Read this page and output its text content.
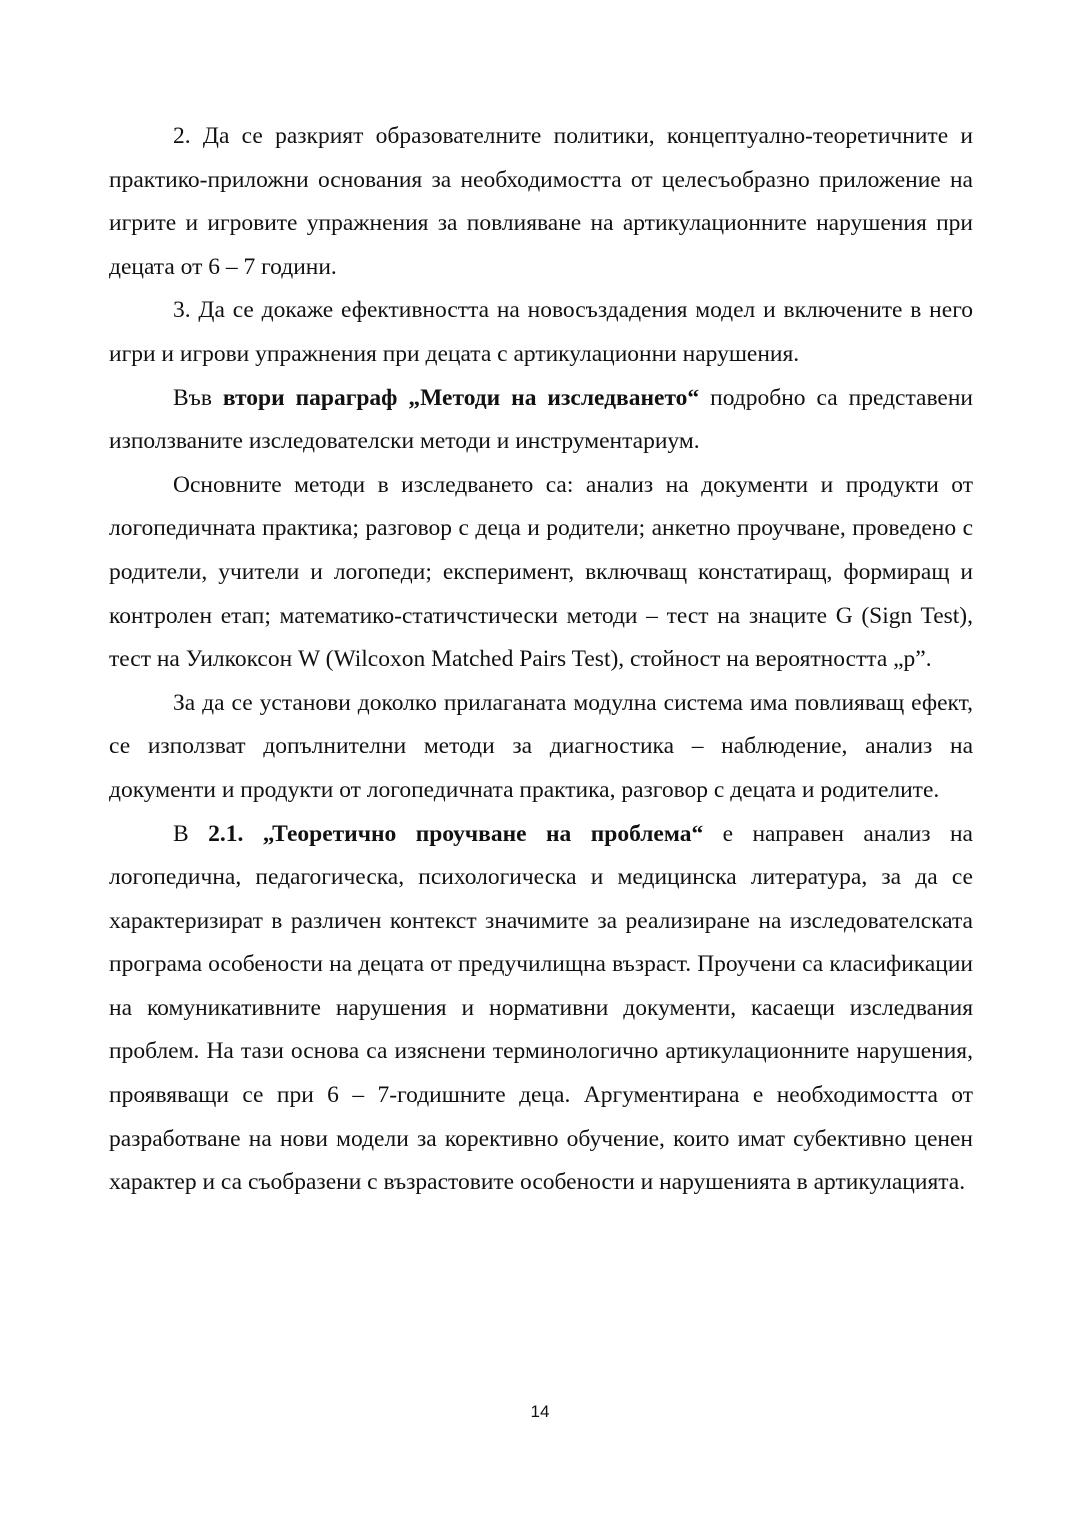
2. Да се разкрият образователните политики, концептуално-теоретичните и практико-приложни основания за необходимостта от целесъобразно приложение на игрите и игровите упражнения за повлияване на артикулационните нарушения при децата от 6 – 7 години.

3. Да се докаже ефективността на новосъздадения модел и включените в него игри и игрови упражнения при децата с артикулационни нарушения.

Във втори параграф „Методи на изследването“ подробно са представени използваните изследователски методи и инструментариум.

Основните методи в изследването са: анализ на документи и продукти от логопедичната практика; разговор с деца и родители; анкетно проучване, проведено с родители, учители и логопеди; експеримент, включващ констатиращ, формиращ и контролен етап; математико-статичстически методи – тест на знаците G (Sign Test), тест на Уилкоксон W (Wilcoxon Matched Pairs Test), стойност на вероятността „p”.

За да се установи доколко прилаганата модулна система има повлияващ ефект, се използват допълнителни методи за диагностика – наблюдение, анализ на документи и продукти от логопедичната практика, разговор с децата и родителите.

В 2.1. „Теоретично проучване на проблема“ е направен анализ на логопедична, педагогическа, психологическа и медицинска литература, за да се характеризират в различен контекст значимите за реализиране на изследователската програма особености на децата от предучилищна възраст. Проучени са класификации на комуникативните нарушения и нормативни документи, касаещи изследвания проблем. На тази основа са изяснени терминологично артикулационните нарушения, проявяващи се при 6 – 7-годишните деца. Аргументирана е необходимостта от разработване на нови модели за корективно обучение, които имат субективно ценен характер и са съобразени с възрастовите особености и нарушенията в артикулацията.

14
